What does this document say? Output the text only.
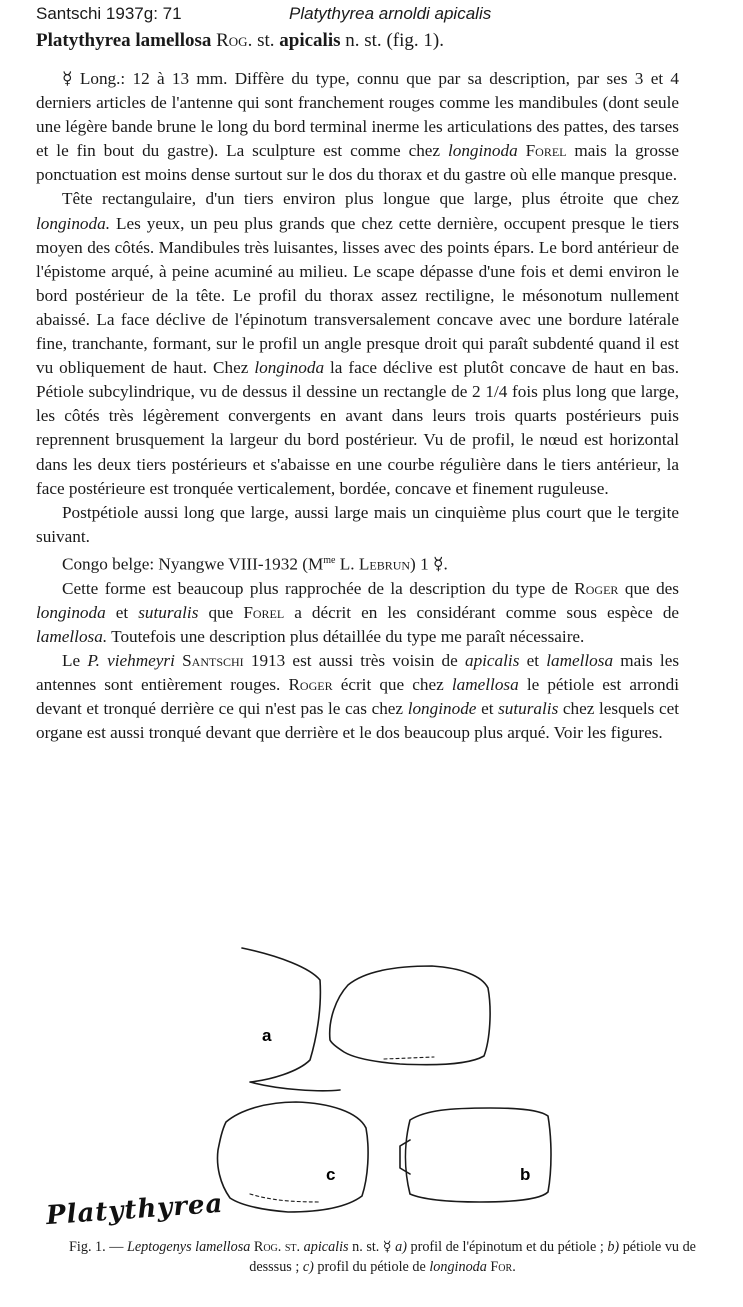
Santschi 1937g: 71	Platythyrea arnoldi apicalis
Platythyrea lamellosa Rog. st. apicalis n. st. (fig. 1).

☿ Long.: 12 à 13 mm. Diffère du type, connu que par sa description, par ses 3 et 4 derniers articles de l'antenne qui sont franchement rouges comme les mandibules (dont seule une légère bande brune le long du bord terminal inerme les articulations des pattes, des tarses et le fin bout du gastre). La sculpture est comme chez longinoda Forel mais la grosse ponctuation est moins dense surtout sur le dos du thorax et du gastre où elle manque presque.

Tête rectangulaire, d'un tiers environ plus longue que large, plus étroite que chez longinoda. Les yeux, un peu plus grands que chez cette dernière, occupent presque le tiers moyen des côtés. Mandibules très luisantes, lisses avec des points épars. Le bord antérieur de l'épistome arqué, à peine acuminé au milieu. Le scape dépasse d'une fois et demi environ le bord postérieur de la tête. Le profil du thorax assez rectiligne, le mésonotum nullement abaissé. La face déclive de l'épinotum transversalement concave avec une bordure latérale fine, tranchante, formant, sur le profil un angle presque droit qui paraît subdenté quand il est vu obliquement de haut. Chez longinoda la face déclive est plutôt concave de haut en bas. Pétiole subcylindrique, vu de dessus il dessine un rectangle de 2 1/4 fois plus long que large, les côtés très légèrement convergents en avant dans leurs trois quarts postérieurs puis reprennent brusquement la largeur du bord postérieur. Vu de profil, le nœud est horizontal dans les deux tiers postérieurs et s'abaisse en une courbe régulière dans le tiers antérieur, la face postérieure est tronquée verticalement, bordée, concave et finement ruguleuse.

Postpétiole aussi long que large, aussi large mais un cinquième plus court que le tergite suivant.

Congo belge: Nyangwe VIII-1932 ($M^{me}$ L. Lebrun) 1 ☿.

Cette forme est beaucoup plus rapprochée de la description du type de Roger que des longinoda et suturalis que Forel a décrit en les considérant comme sous espèce de lamellosa. Toutefois une description plus détaillée du type me paraît nécessaire.

Le P. viehmeyri Santschi 1913 est aussi très voisin de apicalis et lamellosa mais les antennes sont entièrement rouges. Roger écrit que chez lamellosa le pétiole est arrondi devant et tronqué derrière ce qui n'est pas le cas chez longinode et suturalis chez lesquels cet organe est aussi tronqué devant que derrière et le dos beaucoup plus arqué. Voir les figures.

a
c	b
Platythyrea
Fig. 1. — Leptogenys lamellosa Rog. st. apicalis n. st. ☿ a) profil de l'épinotum et du pétiole ; b) pétiole vu de desssus ; c) profil du pétiole de longinoda For.
